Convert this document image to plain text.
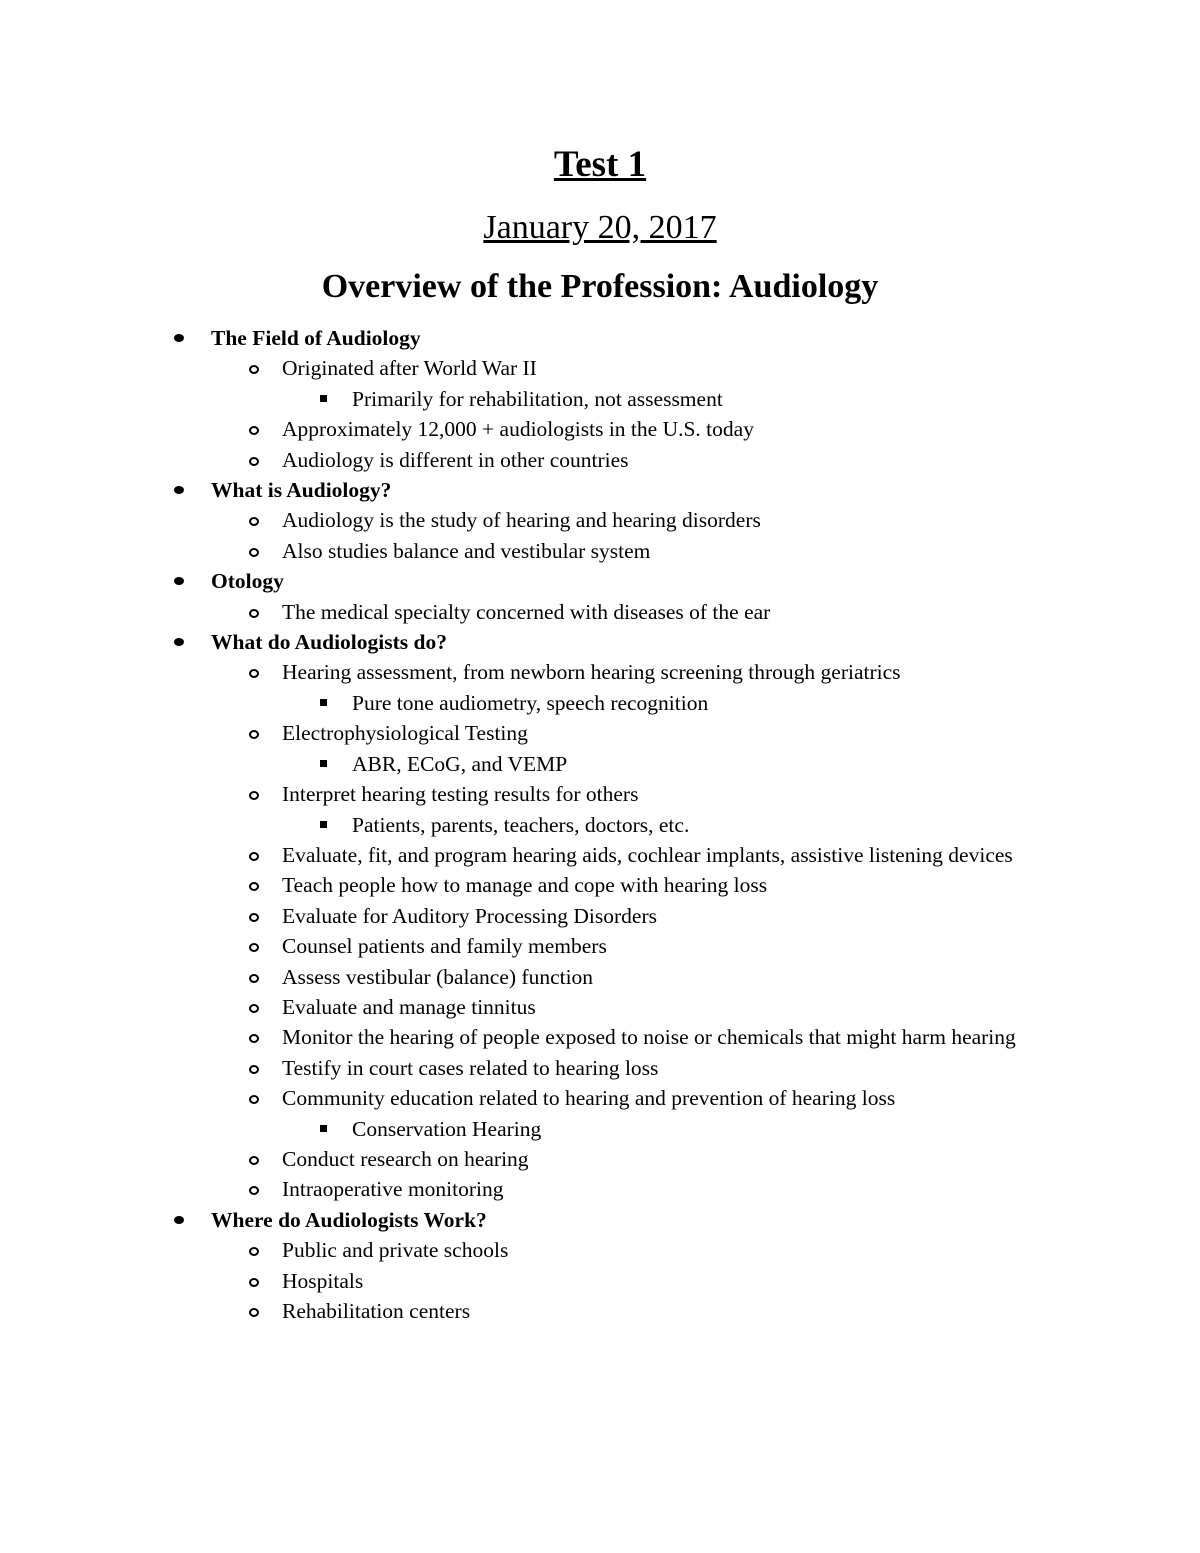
Test 1
January 20, 2017
Overview of the Profession: Audiology
The Field of Audiology
Originated after World War II
Primarily for rehabilitation, not assessment
Approximately 12,000 + audiologists in the U.S. today
Audiology is different in other countries
What is Audiology?
Audiology is the study of hearing and hearing disorders
Also studies balance and vestibular system
Otology
The medical specialty concerned with diseases of the ear
What do Audiologists do?
Hearing assessment, from newborn hearing screening through geriatrics
Pure tone audiometry, speech recognition
Electrophysiological Testing
ABR, ECoG, and VEMP
Interpret hearing testing results for others
Patients, parents, teachers, doctors, etc.
Evaluate, fit, and program hearing aids, cochlear implants, assistive listening devices
Teach people how to manage and cope with hearing loss
Evaluate for Auditory Processing Disorders
Counsel patients and family members
Assess vestibular (balance) function
Evaluate and manage tinnitus
Monitor the hearing of people exposed to noise or chemicals that might harm hearing
Testify in court cases related to hearing loss
Community education related to hearing and prevention of hearing loss
Conservation Hearing
Conduct research on hearing
Intraoperative monitoring
Where do Audiologists Work?
Public and private schools
Hospitals
Rehabilitation centers
